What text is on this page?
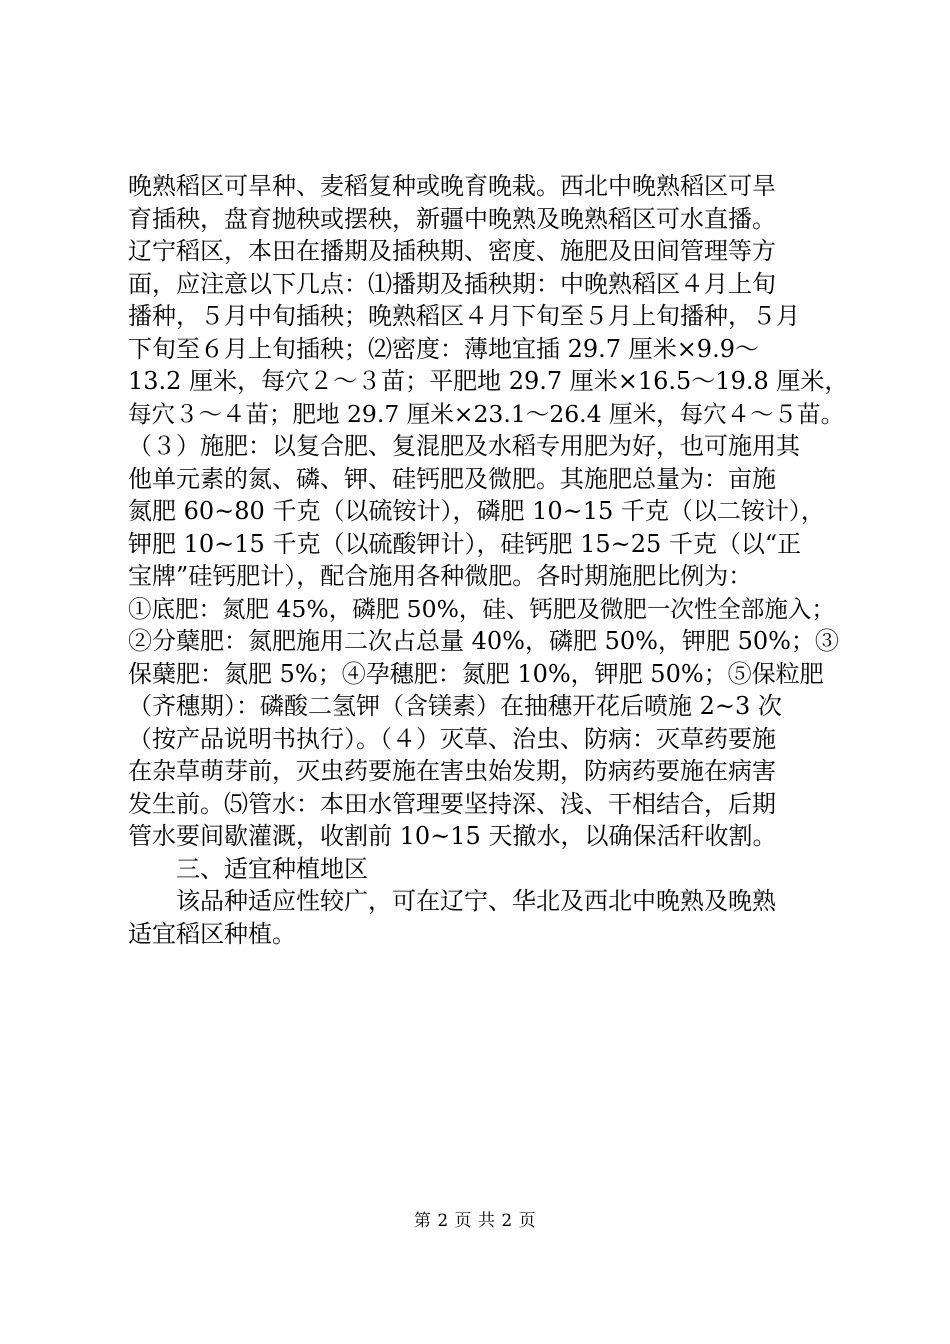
晚熟稻区可旱种、麦稻复种或晚育晚栽。西北中晚熟稻区可旱
育插秧，盘育抛秧或摆秧，新疆中晚熟及晚熟稻区可水直播。
辽宁稻区，本田在播期及插秧期、密度、施肥及田间管理等方
面，应注意以下几点：⑴播期及插秧期：中晚熟稻区４月上旬
播种，５月中旬插秧；晚熟稻区４月下旬至５月上旬播种，５月
下旬至６月上旬插秧；⑵密度：薄地宜插 29.7 厘米×9.9～
13.2 厘米，每穴２～３苗；平肥地 29.7 厘米×16.5～19.8 厘米，
每穴３～４苗；肥地 29.7 厘米×23.1～26.4 厘米，每穴４～５苗。
（３）施肥：以复合肥、复混肥及水稻专用肥为好，也可施用其
他单元素的氮、磷、钾、硅钙肥及微肥。其施肥总量为：亩施
氮肥 60~80 千克（以硫铵计），磷肥 10~15 千克（以二铵计），
钾肥 10~15 千克（以硫酸钾计），硅钙肥 15~25 千克（以“正
宝牌”硅钙肥计），配合施用各种微肥。各时期施肥比例为：
①底肥：氮肥 45%，磷肥 50%，硅、钙肥及微肥一次性全部施入；
②分蘖肥：氮肥施用二次占总量 40%，磷肥 50%，钾肥 50%；③
保蘖肥：氮肥 5%；④孕穗肥：氮肥 10%，钾肥 50%；⑤保粒肥
（齐穗期）：磷酸二氢钾（含镁素）在抽穗开花后喷施 2~3 次
（按产品说明书执行）。（４）灭草、治虫、防病：灭草药要施
在杂草萌芽前，灭虫药要施在害虫始发期，防病药要施在病害
发生前。⑸管水：本田水管理要坚持深、浅、干相结合，后期
管水要间歇灌溉，收割前 10~15 天撤水，以确保活秆收割。
三、适宜种植地区
该品种适应性较广，可在辽宁、华北及西北中晚熟及晚熟
适宜稻区种植。
第 2 页 共 2 页
